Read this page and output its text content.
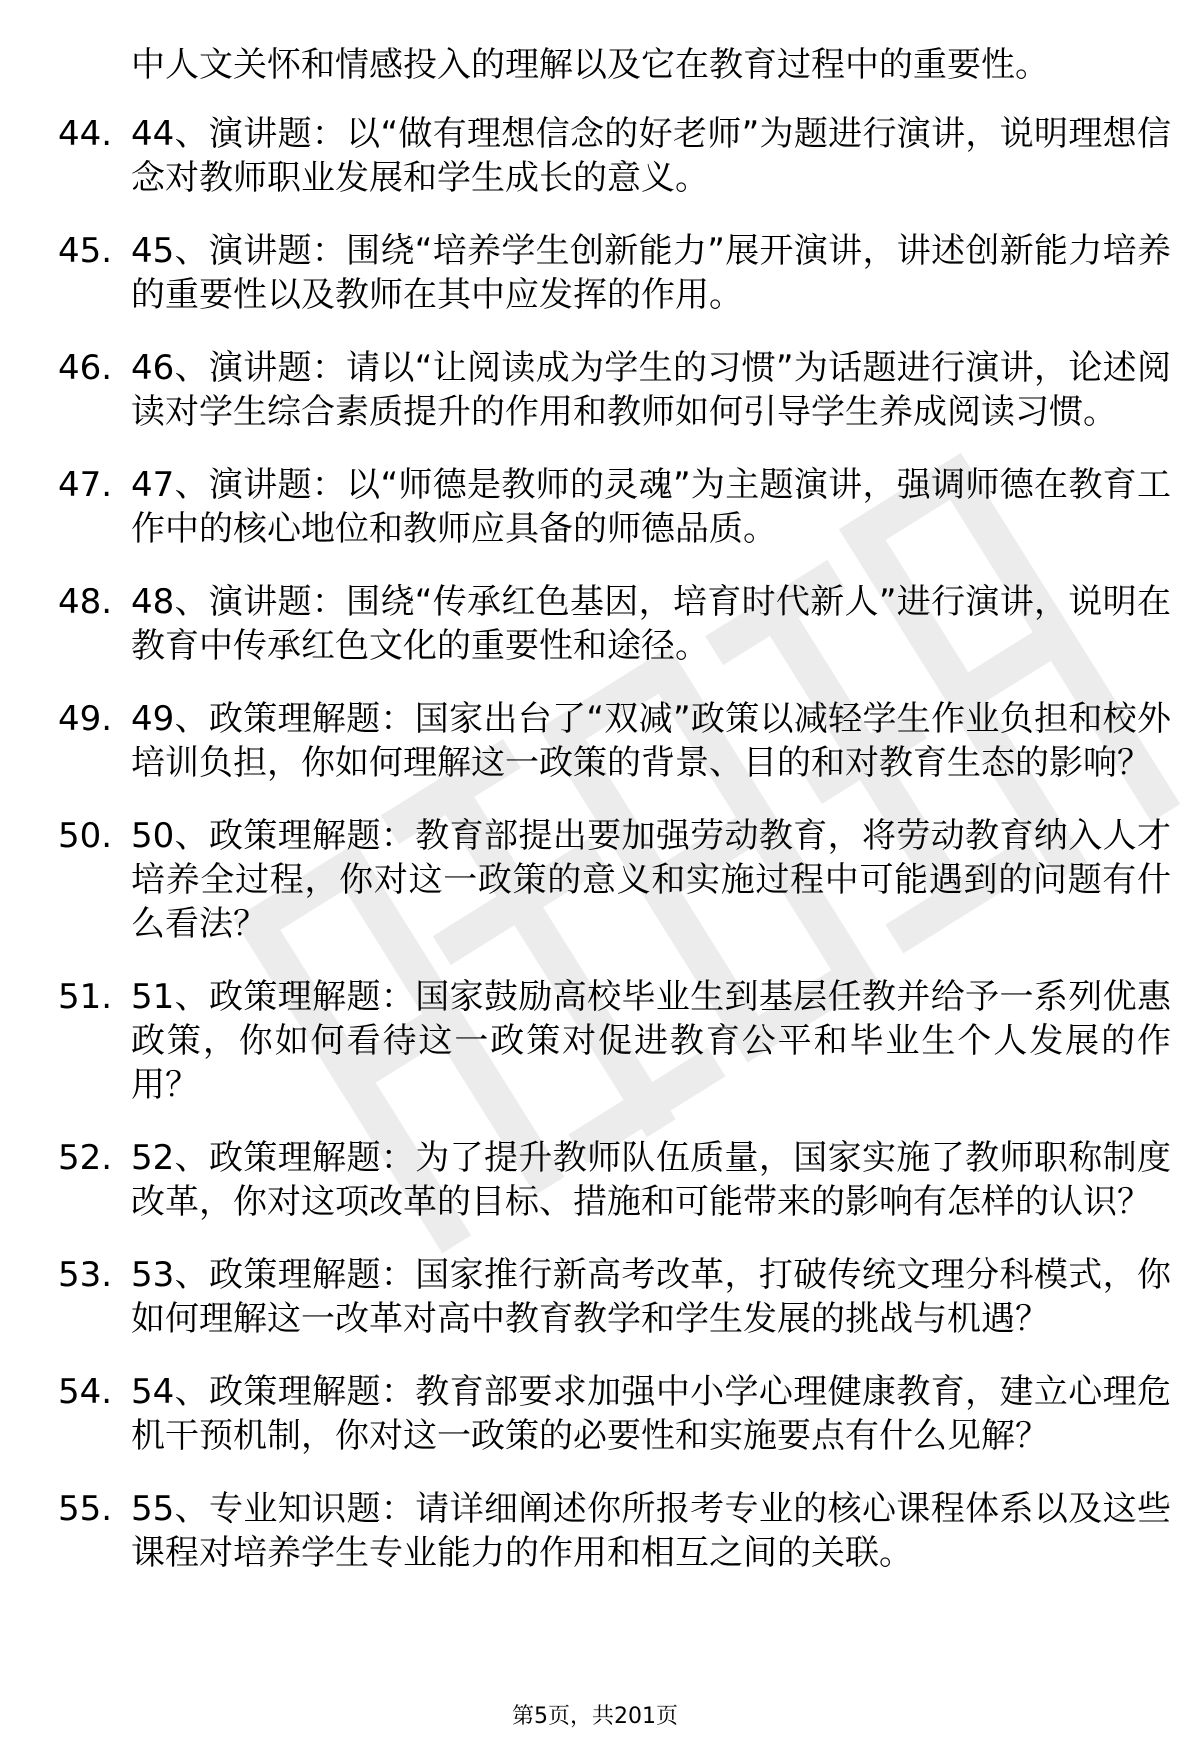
中人文关怀和情感投入的理解以及它在教育过程中的重要性。
44. 44、演讲题：以“做有理想信念的好老师”为题进行演讲，说明理想信念对教师职业发展和学生成长的意义。
45. 45、演讲题：围绕“培养学生创新能力”展开演讲，讲述创新能力培养的重要性以及教师在其中应发挥的作用。
46. 46、演讲题：请以“让阅读成为学生的习惯”为话题进行演讲，论述阅读对学生综合素质提升的作用和教师如何引导学生养成阅读习惯。
47. 47、演讲题：以“师德是教师的灵魂”为主题演讲，强调师德在教育工作中的核心地位和教师应具备的师德品质。
48. 48、演讲题：围绕“传承红色基因，培育时代新人”进行演讲，说明在教育中传承红色文化的重要性和途径。
49. 49、政策理解题：国家出台了“双减”政策以减轻学生作业负担和校外培训负担，你如何理解这一政策的背景、目的和对教育生态的影响？
50. 50、政策理解题：教育部提出要加强劳动教育，将劳动教育纳入人才培养全过程，你对这一政策的意义和实施过程中可能遇到的问题有什么看法？
51. 51、政策理解题：国家鼓励高校毕业生到基层任教并给予一系列优惠政策，你如何看待这一政策对促进教育公平和毕业生个人发展的作用？
52. 52、政策理解题：为了提升教师队伍质量，国家实施了教师职称制度改革，你对这项改革的目标、措施和可能带来的影响有怎样的认识？
53. 53、政策理解题：国家推行新高考改革，打破传统文理分科模式，你如何理解这一改革对高中教育教学和学生发展的挑战与机遇？
54. 54、政策理解题：教育部要求加强中小学心理健康教育，建立心理危机干预机制，你对这一政策的必要性和实施要点有什么见解？
55. 55、专业知识题：请详细阐述你所报考专业的核心课程体系以及这些课程对培养学生专业能力的作用和相互之间的关联。
第5页，共201页
